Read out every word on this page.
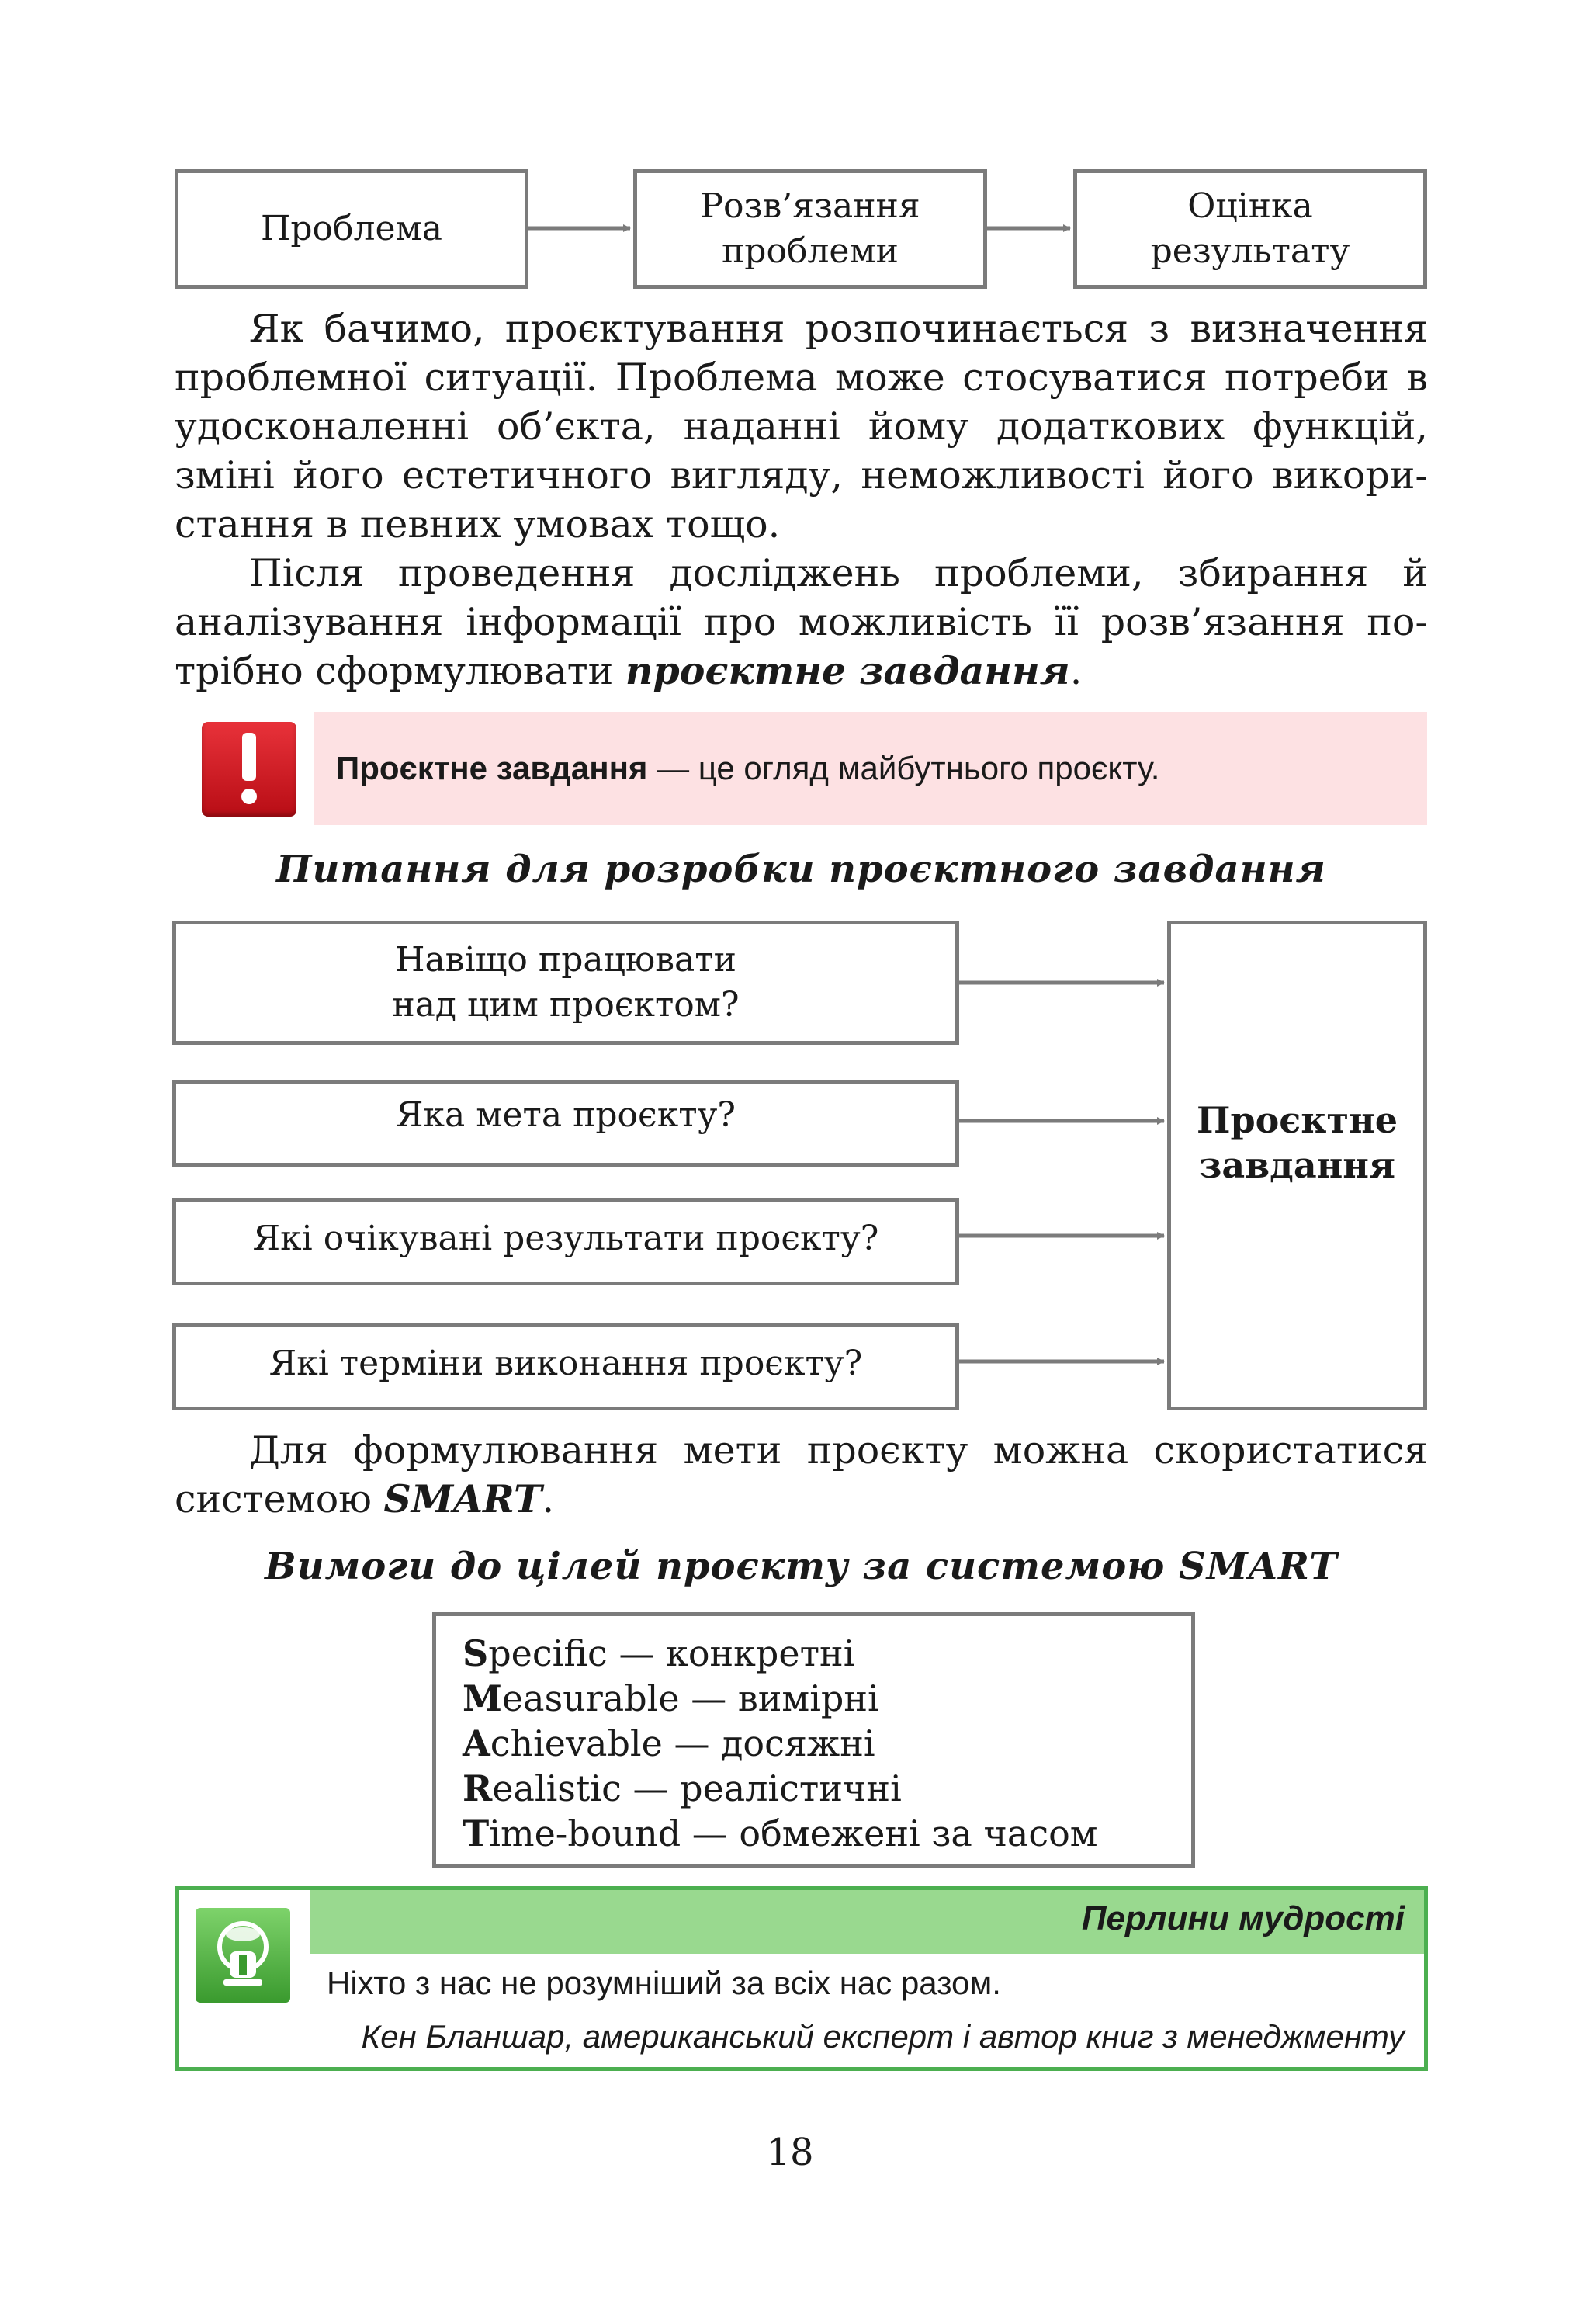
Проблема
Розв’язання
проблеми
Оцінка
результату
Як бачимо, проєктування розпочинається з визначення
проблемної ситуації. Проблема може стосуватися потреби в
удосконаленні об’єкта, наданні йому додаткових функцій,
зміні його естетичного вигляду, неможливості його викори-
стання в певних умовах тощо.
Після проведення досліджень проблеми, збирання й
аналізування інформації про можливість її розв’язання по-
трібно сформулювати проєктне завдання.
Проєктне завдання — це огляд майбутнього проєкту.
Питання для розробки проєктного завдання
Навіщо працювати
над цим проєктом?
Яка мета проєкту?
Які очікувані результати проєкту?
Які терміни виконання проєкту?
Проєктне
завдання
Для формулювання мети проєкту можна скористатися
системою SMART.
Вимоги до цілей проєкту за системою SMART
Specific — конкретні
Measurable — вимірні
Achievable — досяжні
Realistic — реалістичні
Time-bound — обмежені за часом
Перлини мудрості
Ніхто з нас не розумніший за всіх нас разом.
Кен Бланшар, американський експерт і автор книг з менеджменту
18
